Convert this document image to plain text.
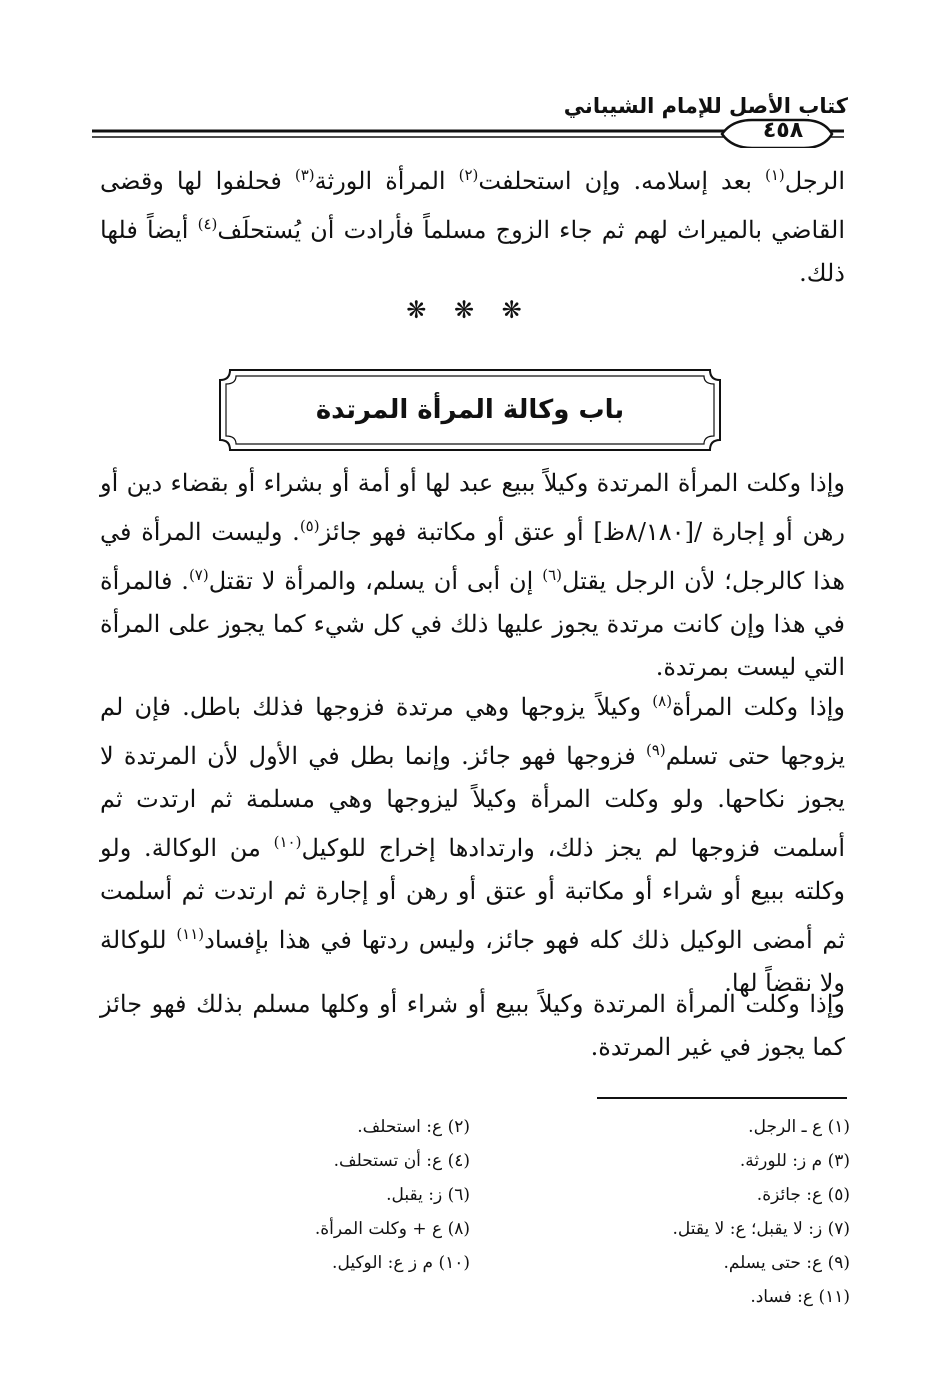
كتاب الأصل للإمام الشيباني
٤٥٨

الرجل$^{(١)}$ بعد إسلامه. وإن استحلفت$^{(٢)}$ المرأة الورثة$^{(٣)}$ فحلفوا لها وقضى القاضي بالميراث لهم ثم جاء الزوج مسلماً فأرادت أن يُستحلَف$^{(٤)}$ أيضاً فلها ذلك.

❋ ❋ ❋
باب وكالة المرأة المرتدة

وإذا وكلت المرأة المرتدة وكيلاً ببيع عبد لها أو أمة أو بشراء أو بقضاء دين أو رهن أو إجارة /[٨/١٨٠ظ] أو عتق أو مكاتبة فهو جائز$^{(٥)}$. وليست المرأة في هذا كالرجل؛ لأن الرجل يقتل$^{(٦)}$ إن أبى أن يسلم، والمرأة لا تقتل$^{(٧)}$. فالمرأة في هذا وإن كانت مرتدة يجوز عليها ذلك في كل شيء كما يجوز على المرأة التي ليست بمرتدة.

وإذا وكلت المرأة$^{(٨)}$ وكيلاً يزوجها وهي مرتدة فزوجها فذلك باطل. فإن لم يزوجها حتى تسلم$^{(٩)}$ فزوجها فهو جائز. وإنما بطل في الأول لأن المرتدة لا يجوز نكاحها. ولو وكلت المرأة وكيلاً ليزوجها وهي مسلمة ثم ارتدت ثم أسلمت فزوجها لم يجز ذلك، وارتدادها إخراج للوكيل$^{(١٠)}$ من الوكالة. ولو وكلته ببيع أو شراء أو مكاتبة أو عتق أو رهن أو إجارة ثم ارتدت ثم أسلمت ثم أمضى الوكيل ذلك كله فهو جائز، وليس ردتها في هذا بإفساد$^{(١١)}$ للوكالة ولا نقضاً لها.

وإذا وكلت المرأة المرتدة وكيلاً ببيع أو شراء أو وكلها مسلم بذلك فهو جائز كما يجوز في غير المرتدة.

(١) ع ـ الرجل.
(٣) م ز: للورثة.
(٥) ع: جائزة.
(٧) ز: لا يقبل؛ ع: لا يقتل.
(٩) ع: حتى يسلم.
(١١) ع: فساد.
(٢) ع: استحلف.
(٤) ع: أن تستحلف.
(٦) ز: يقبل.
(٨) ع + وكلت المرأة.
(١٠) م ز ع: الوكيل.
